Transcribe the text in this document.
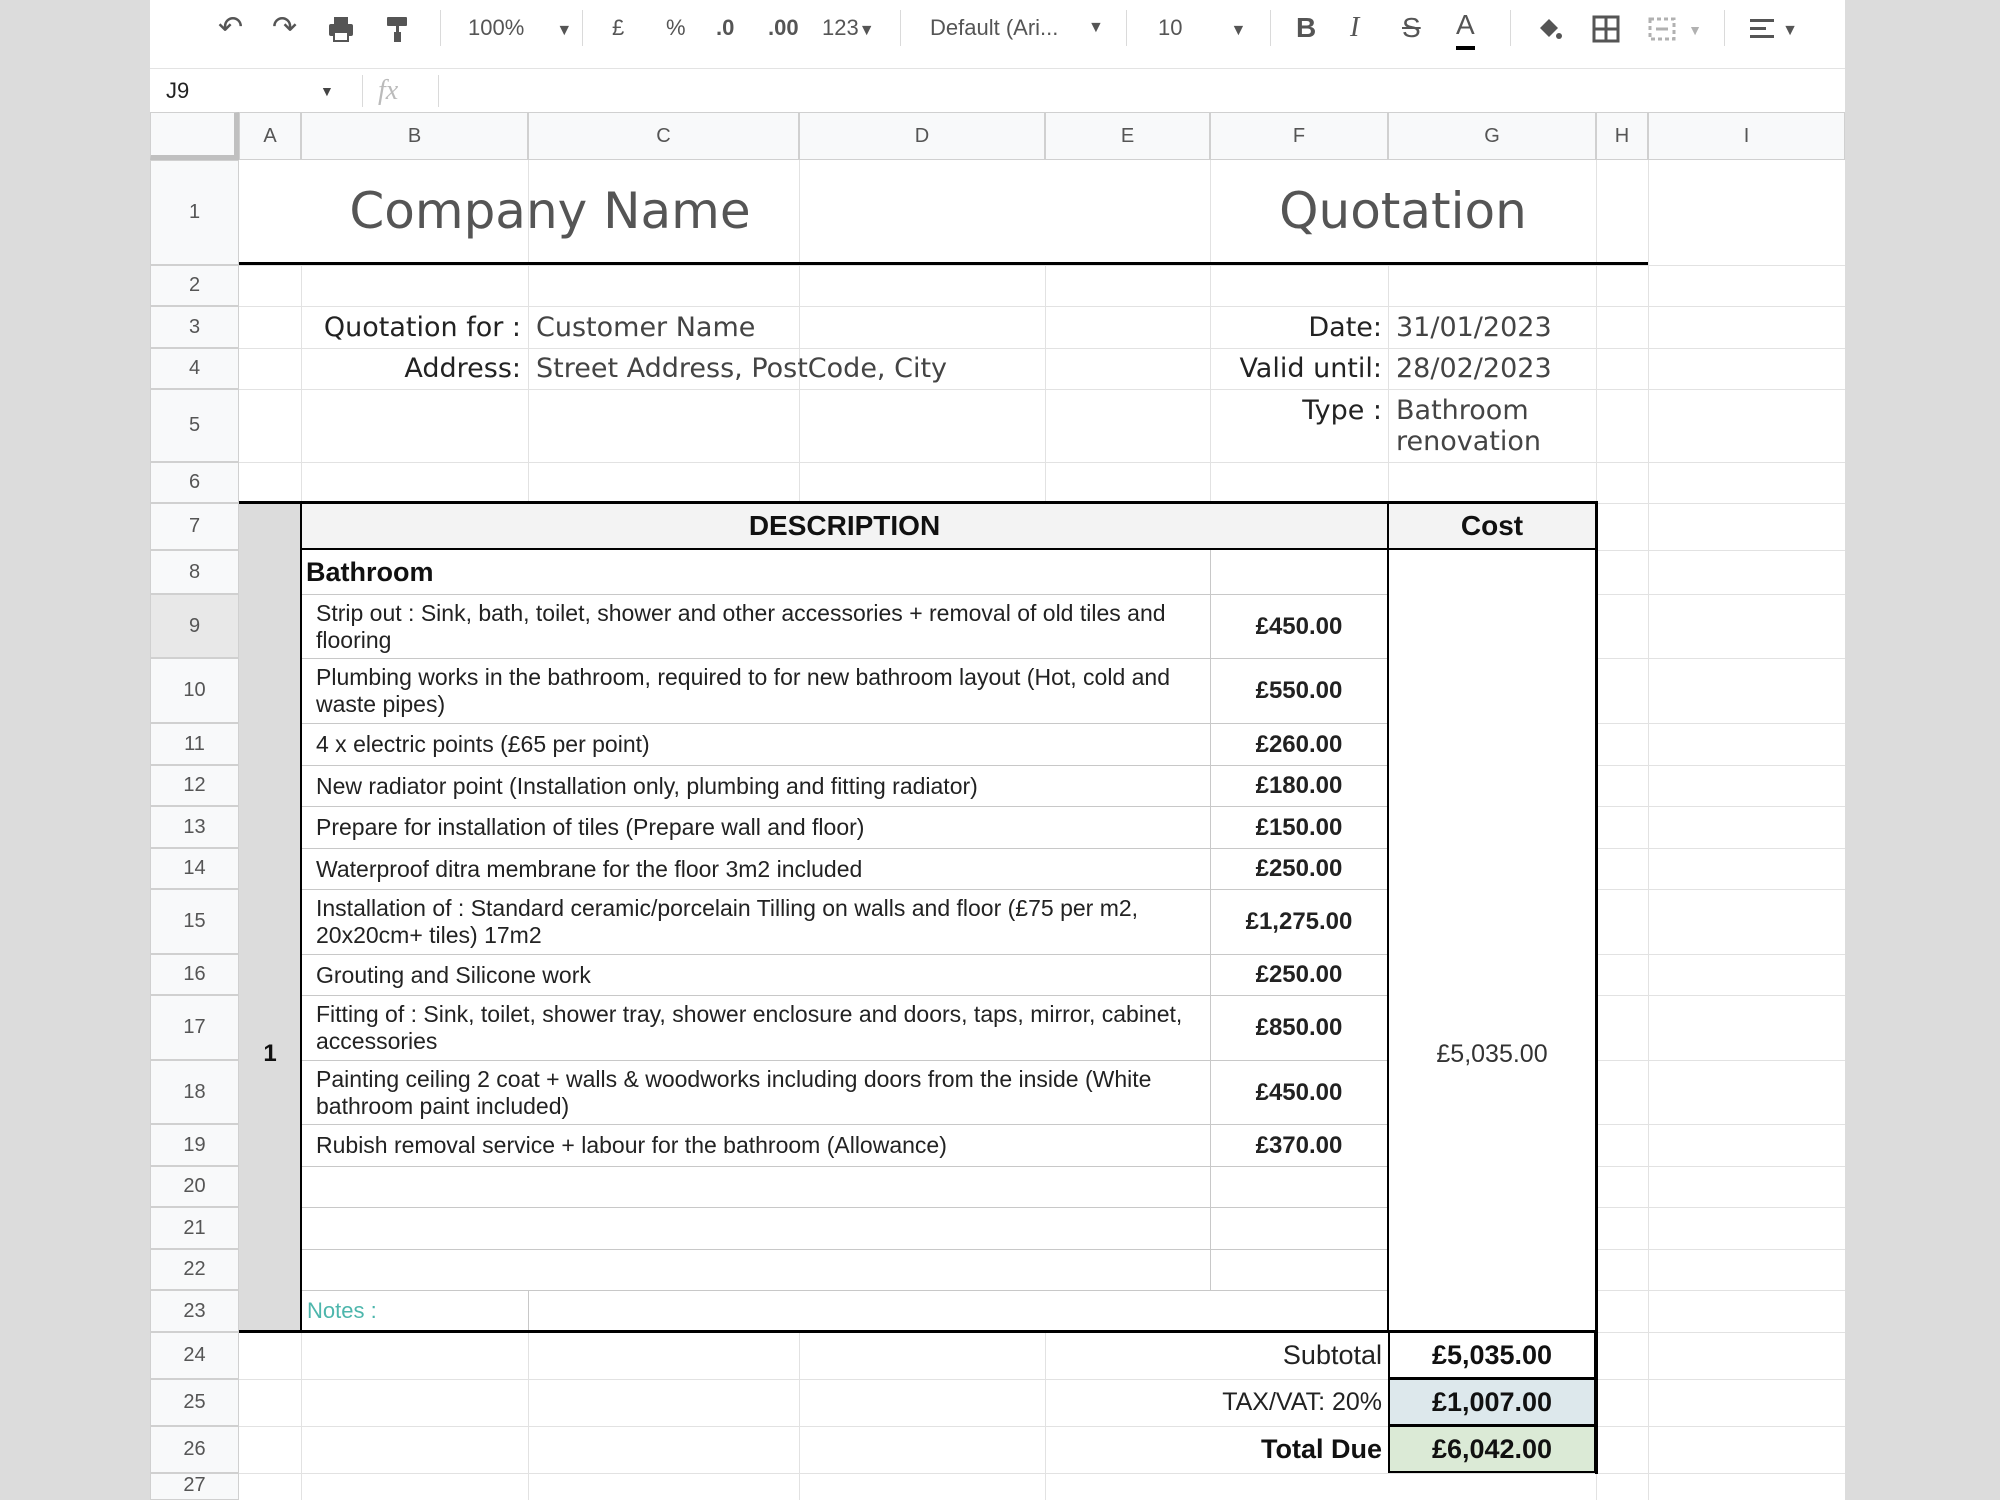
↶ ↷	100% ▼ £ % .0 .00 123▼	Default (Ari...	▼ 10	▼ B I S A	▼	▼
J9	▼ fx
A	B	C	D	E	F	G	H	I
1
2
3
4
5
6
7
8
9
10
11
12
13
14
15
16
17
18
19
20
21
22
23
24
25
26
27
Company Name	Quotation
Quotation for : Customer Name
Address: Street Address, PostCode, City
Date: 31/01/2023
Valid until: 28/02/2023
Type : Bathroom renovation
DESCRIPTION	Cost
Bathroom
1	£5,035.00
Strip out : Sink, bath, toilet, shower and other accessories + removal of old tiles and flooring	£450.00
Plumbing works in the bathroom, required to for new bathroom layout (Hot, cold and waste pipes)	£550.00
4 x electric points (£65 per point)	£260.00
New radiator point (Installation only, plumbing and fitting radiator)	£180.00
Prepare for installation of tiles (Prepare wall and floor)	£150.00
Waterproof ditra membrane for the floor 3m2 included	£250.00
Installation of : Standard ceramic/porcelain Tilling on walls and floor (£75 per m2, 20x20cm+ tiles) 17m2	£1,275.00
Grouting and Silicone work	£250.00
Fitting of : Sink, toilet, shower tray, shower enclosure and doors, taps, mirror, cabinet, accessories	£850.00
Painting ceiling 2 coat + walls & woodworks including doors from the inside (White bathroom paint included)	£450.00
Rubish removal service + labour for the bathroom (Allowance)	£370.00
Notes :
Subtotal	£5,035.00
TAX/VAT: 20%	£1,007.00
Total Due	£6,042.00
